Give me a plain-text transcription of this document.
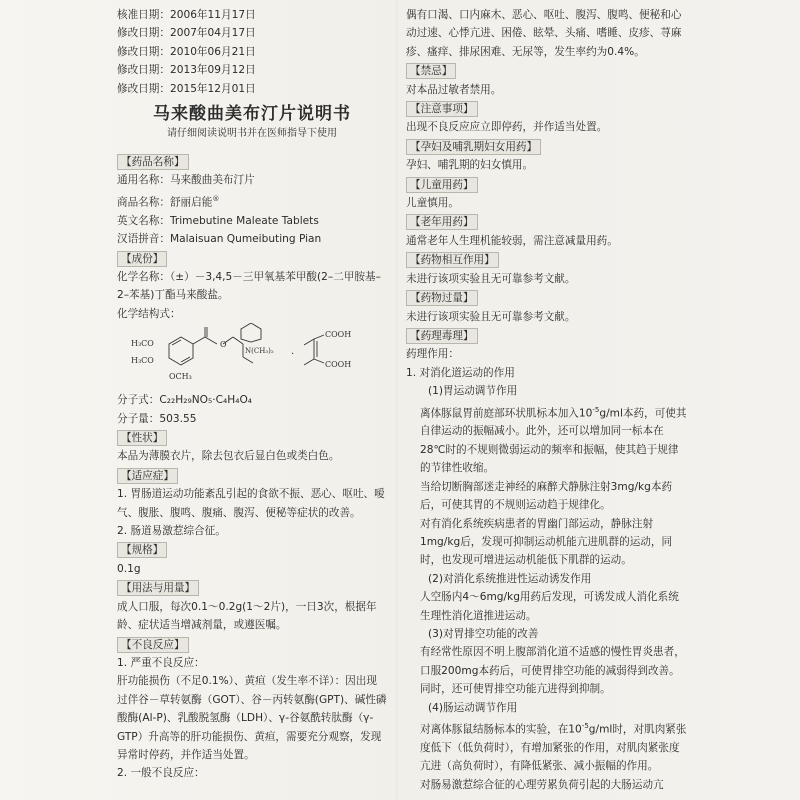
核准日期：2006年11月17日
修改日期：2007年04月17日
修改日期：2010年06月21日
修改日期：2013年09月12日
修改日期：2015年12月01日
马来酸曲美布汀片说明书
请仔细阅读说明书并在医师指导下使用
【药品名称】
通用名称：马来酸曲美布汀片
商品名称：舒丽启能®
英文名称：Trimebutine Maleate Tablets
汉语拼音：Malaisuan Qumeibuting Pian
【成份】
化学名称：（±）－3,4,5－三甲氧基苯甲酸(2–二甲胺基–
2–苯基)丁酯马来酸盐。
化学结构式：
O
H₃CO
H₃CO
OCH₃
N(CH₃)₂ ·
COOH
COOH
分子式：C₂₂H₂₉NO₅·C₄H₄O₄
分子量：503.55
【性状】
本品为薄膜衣片，除去包衣后显白色或类白色。
【适应症】
1. 胃肠道运动功能紊乱引起的食欲不振、恶心、呕吐、嗳气、腹胀、腹鸣、腹痛、腹泻、便秘等症状的改善。
2. 肠道易激惹综合征。
【规格】
0.1g
【用法与用量】
成人口服，每次0.1～0.2g(1～2片)，一日3次，根据年龄、症状适当增减剂量，或遵医嘱。
【不良反应】
1. 严重不良反应：
肝功能损伤（不足0.1%）、黄疸（发生率不详）：因出现过伴谷－草转氨酶（GOT）、谷－丙转氨酶(GPT)、碱性磷酸酶(Al-P)、乳酸脱氢酶（LDH）、γ-谷氨酰转肽酶（γ-GTP）升高等的肝功能损伤、黄疸，需要充分观察，发现异常时停药，并作适当处置。
2. 一般不良反应：
偶有口渴、口内麻木、恶心、呕吐、腹泻、腹鸣、便秘和心动过速、心悸亢进、困倦、眩晕、头痛、嗜睡、皮疹、荨麻疹、瘙痒、排尿困难、无尿等，发生率约为0.4%。
【禁忌】
对本品过敏者禁用。
【注意事项】
出现不良反应应立即停药，并作适当处置。
【孕妇及哺乳期妇女用药】
孕妇、哺乳期的妇女慎用。
【儿童用药】
儿童慎用。
【老年用药】
通常老年人生理机能较弱，需注意减量用药。
【药物相互作用】
未进行该项实验且无可靠参考文献。
【药物过量】
未进行该项实验且无可靠参考文献。
【药理毒理】
药理作用：
1. 对消化道运动的作用
(1)胃运动调节作用
离体豚鼠胃前庭部环状肌标本加入$10^{-5}g/ml$本药，可使其自律运动的振幅减小。此外，还可以增加同一标本在28℃时的不规则微弱运动的频率和振幅，使其趋于规律的节律性收缩。
当给切断胸部迷走神经的麻醉犬静脉注射3mg/kg本药后，可使其胃的不规则运动趋于规律化。
对有消化系统疾病患者的胃幽门部运动，静脉注射1mg/kg后，发现可抑制运动机能亢进肌群的运动，同时，也发现可增进运动机能低下肌群的运动。
(2)对消化系统推进性运动诱发作用
人空肠内4～6mg/kg用药后发现，可诱发成人消化系统生理性消化道推进运动。
(3)对胃排空功能的改善
有经常性原因不明上腹部消化道不适感的慢性胃炎患者，口服200mg本药后，可使胃排空功能的减弱得到改善。同时，还可使胃排空功能亢进得到抑制。
(4)肠运动调节作用
对离体豚鼠结肠标本的实验，在$10^{-5}g/ml$时，对肌肉紧张度低下（低负荷时），有增加紧张的作用，对肌肉紧张度亢进（高负荷时），有降低紧张、减小振幅的作用。
对肠易激惹综合征的心理劳累负荷引起的大肠运动亢
